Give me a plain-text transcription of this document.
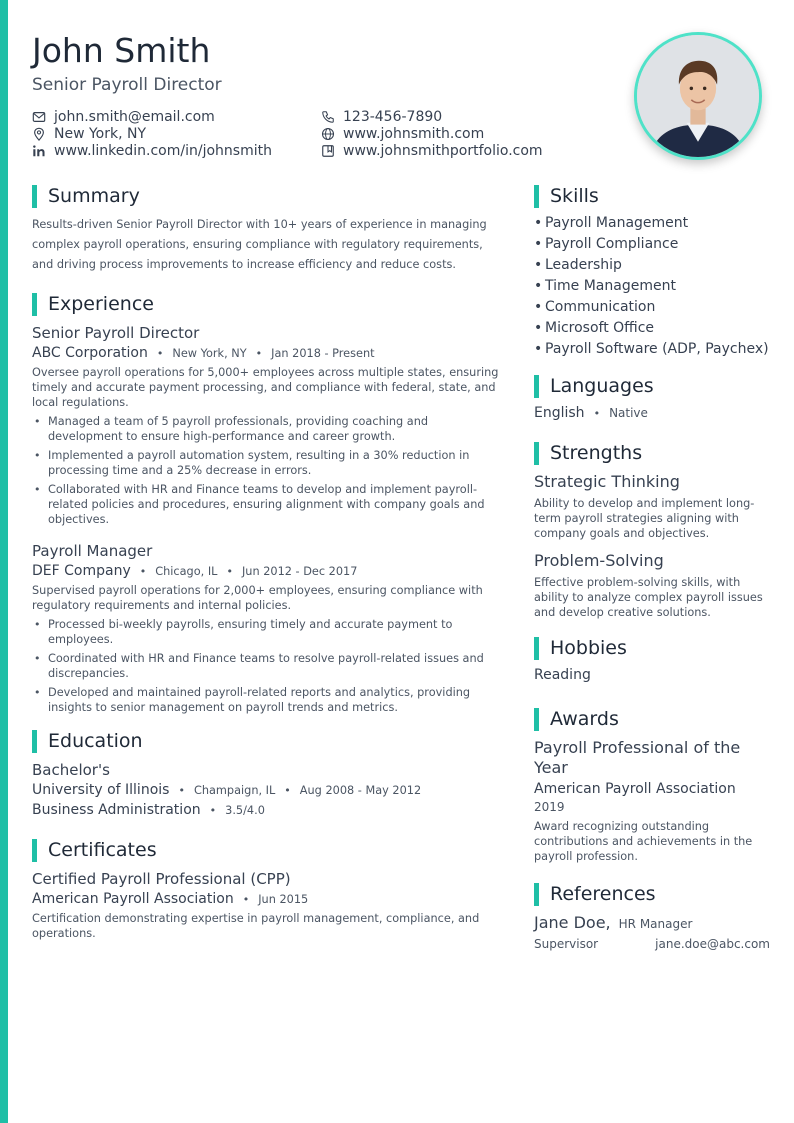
John Smith
Senior Payroll Director
john.smith@email.com	123-456-7890
New York, NY	www.johnsmith.com
www.linkedin.com/in/johnsmith	www.johnsmithportfolio.com
Summary
Results-driven Senior Payroll Director with 10+ years of experience in managing complex payroll operations, ensuring compliance with regulatory requirements, and driving process improvements to increase efficiency and reduce costs.
Experience
Senior Payroll Director
ABC Corporation • New York, NY • Jan 2018 - Present
Oversee payroll operations for 5,000+ employees across multiple states, ensuring timely and accurate payment processing, and compliance with federal, state, and local regulations.
• Managed a team of 5 payroll professionals, providing coaching and development to ensure high-performance and career growth.
• Implemented a payroll automation system, resulting in a 30% reduction in processing time and a 25% decrease in errors.
• Collaborated with HR and Finance teams to develop and implement payroll-related policies and procedures, ensuring alignment with company goals and objectives.
Payroll Manager
DEF Company • Chicago, IL • Jun 2012 - Dec 2017
Supervised payroll operations for 2,000+ employees, ensuring compliance with regulatory requirements and internal policies.
• Processed bi-weekly payrolls, ensuring timely and accurate payment to employees.
• Coordinated with HR and Finance teams to resolve payroll-related issues and discrepancies.
• Developed and maintained payroll-related reports and analytics, providing insights to senior management on payroll trends and metrics.
Education
Bachelor's
University of Illinois • Champaign, IL • Aug 2008 - May 2012
Business Administration • 3.5/4.0
Certificates
Certified Payroll Professional (CPP)
American Payroll Association • Jun 2015
Certification demonstrating expertise in payroll management, compliance, and operations.
Skills
• Payroll Management
• Payroll Compliance
• Leadership
• Time Management
• Communication
• Microsoft Office
• Payroll Software (ADP, Paychex)
Languages
English • Native
Strengths
Strategic Thinking
Ability to develop and implement long-term payroll strategies aligning with company goals and objectives.
Problem-Solving
Effective problem-solving skills, with ability to analyze complex payroll issues and develop creative solutions.
Hobbies
Reading
Awards
Payroll Professional of the Year
American Payroll Association
2019
Award recognizing outstanding contributions and achievements in the payroll profession.
References
Jane Doe, HR Manager
Supervisor	jane.doe@abc.com
